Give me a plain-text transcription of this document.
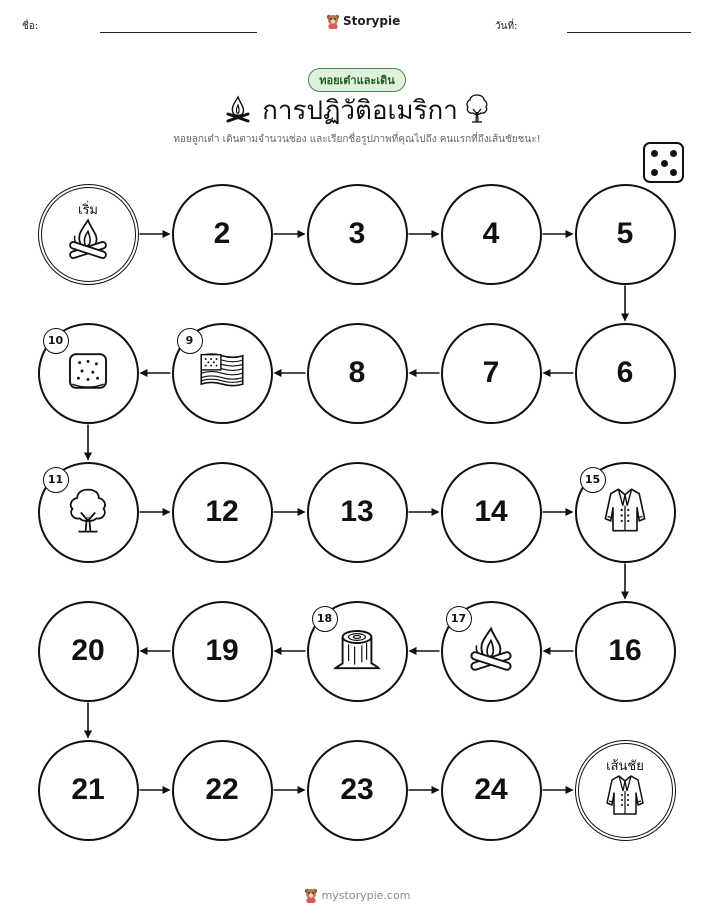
ชื่อ:	Storypie	วันที่:
ทอยเต๋าและเดิน
การปฏิวัติอเมริกา
ทอยลูกเต๋า เดินตามจำนวนช่อง และเรียกชื่อรูปภาพที่คุณไปถึง คนแรกที่ถึงเส้นชัยชนะ!
เริ่ม
2	3	4	5
6
7
8
9
10
11
12	13	14
15
16
17
18
19
20
21	22	23	24
เส้นชัย
mystorypie.com
